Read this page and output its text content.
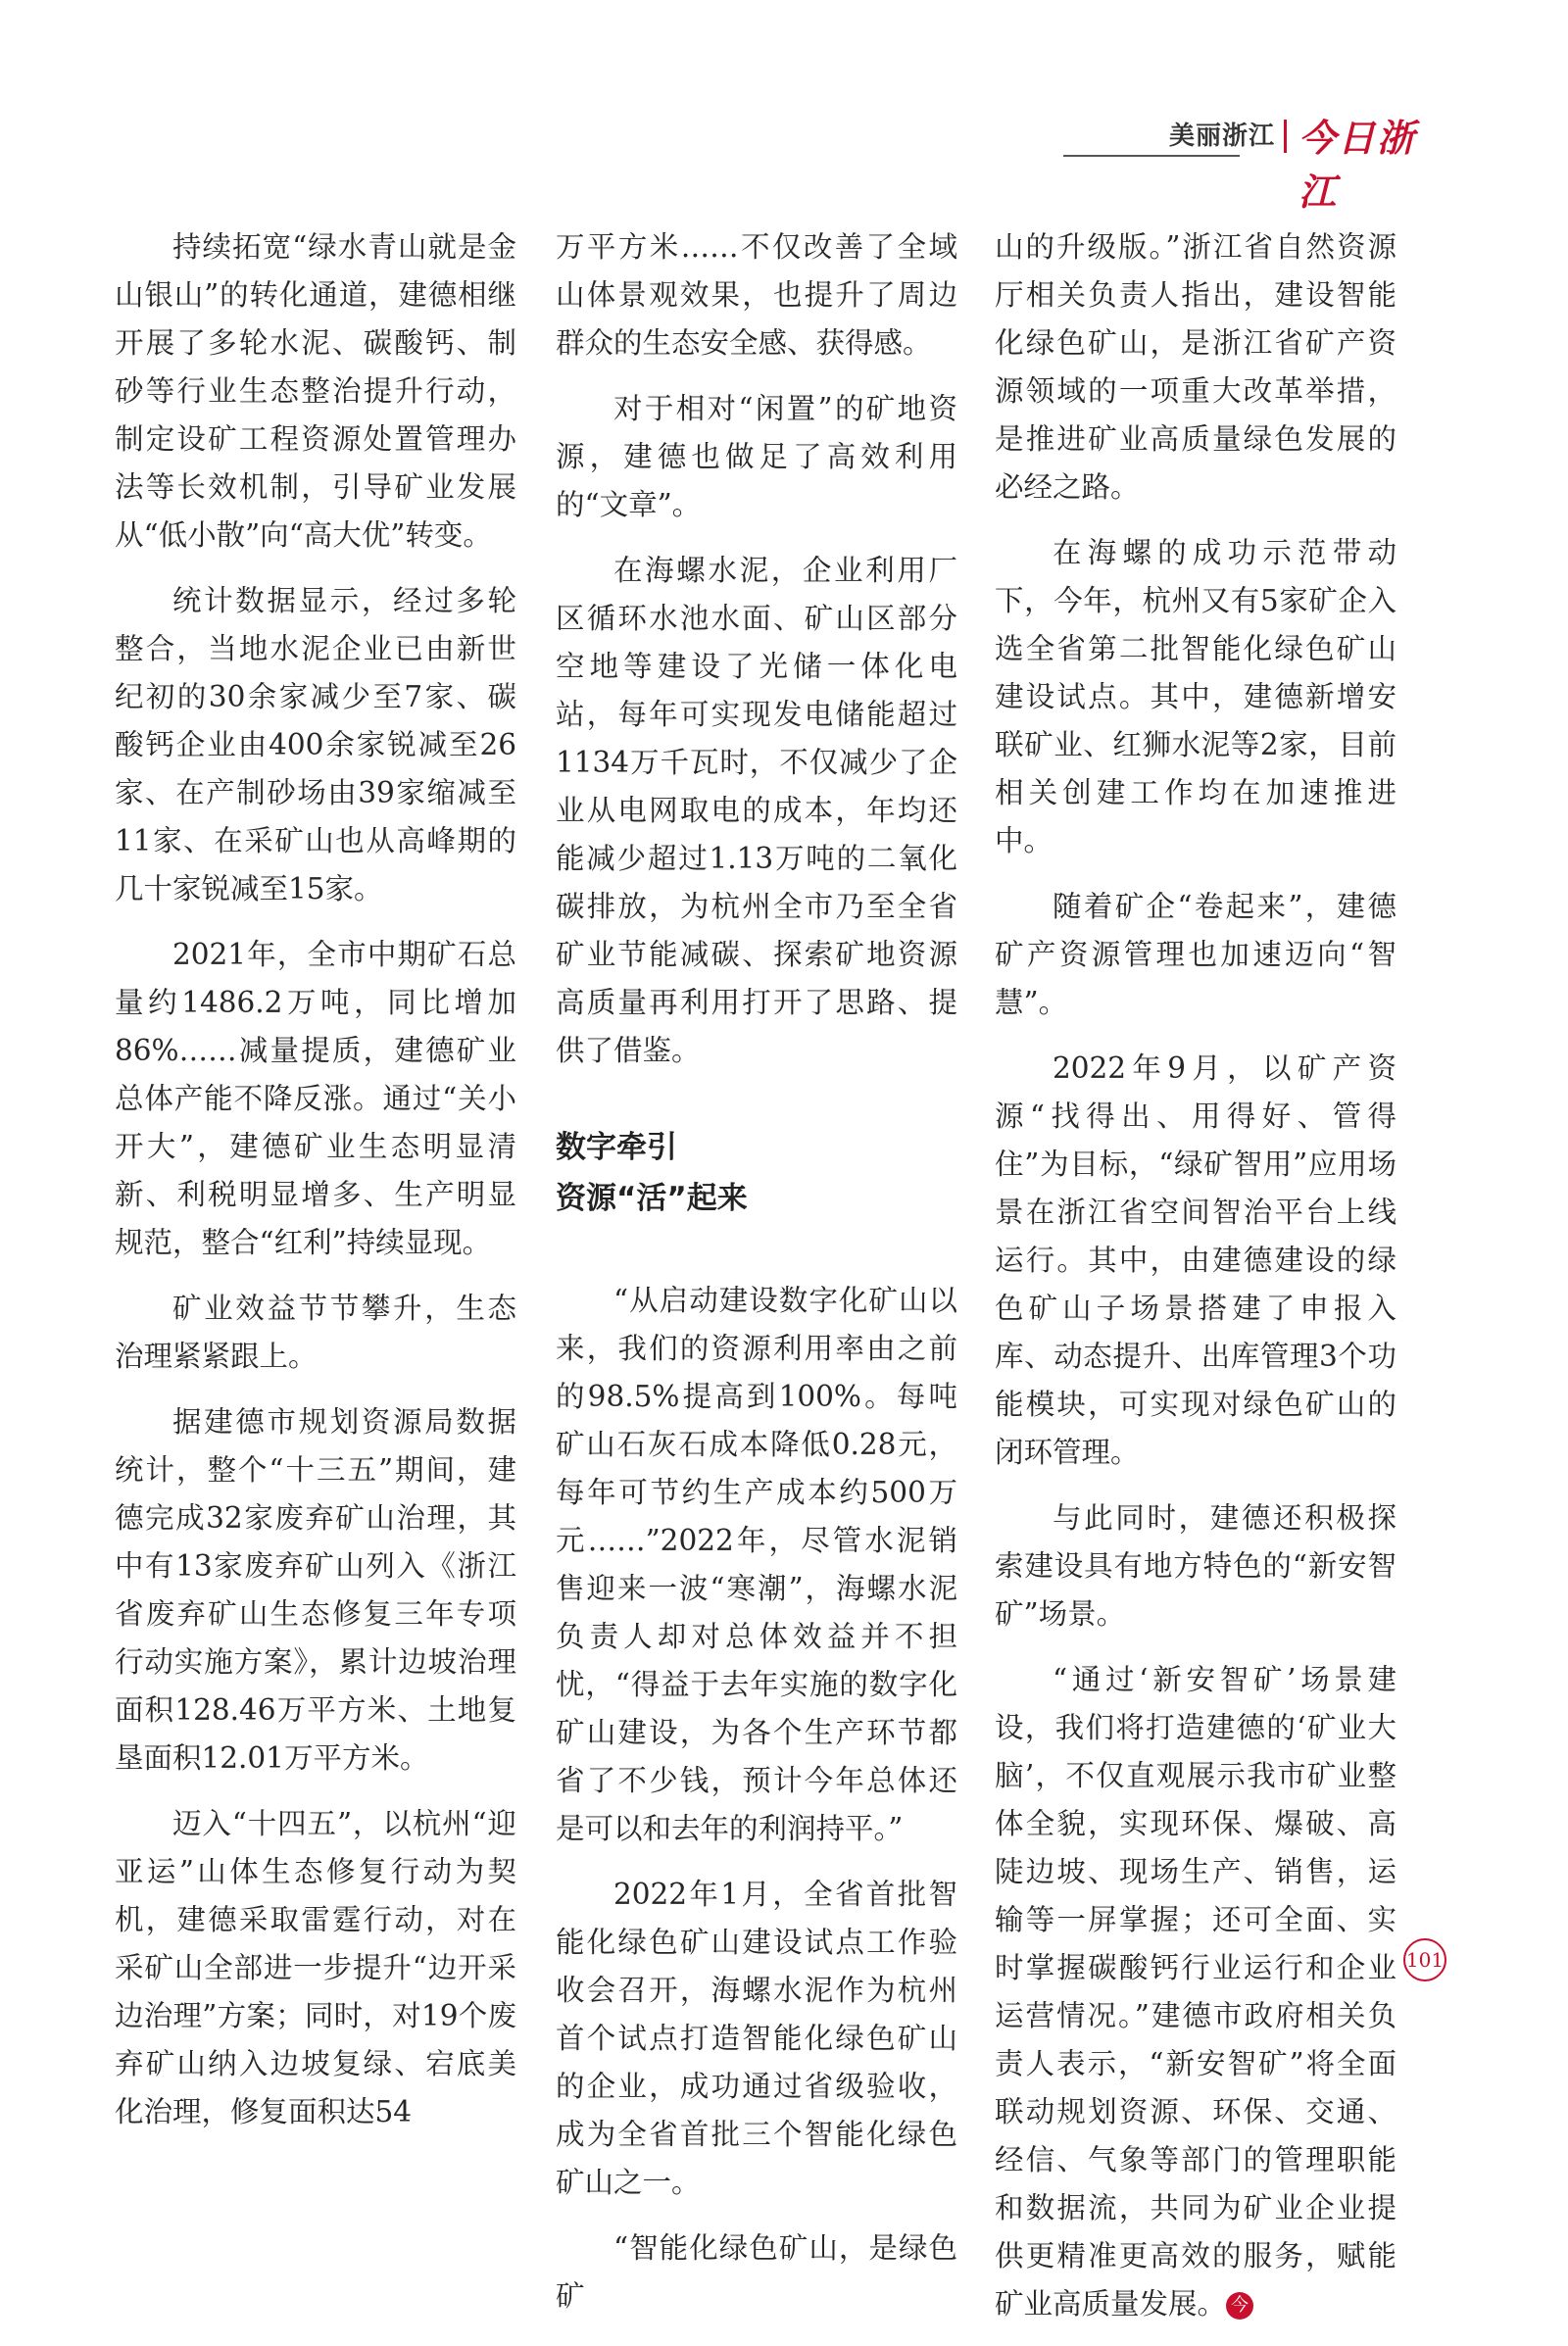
美丽浙江 今日浙江

持续拓宽“绿水青山就是金山银山”的转化通道，建德相继开展了多轮水泥、碳酸钙、制砂等行业生态整治提升行动，制定设矿工程资源处置管理办法等长效机制，引导矿业发展从“低小散”向“高大优”转变。

统计数据显示，经过多轮整合，当地水泥企业已由新世纪初的30余家减少至7家、碳酸钙企业由400余家锐减至26家、在产制砂场由39家缩减至11家、在采矿山也从高峰期的几十家锐减至15家。

2021年，全市中期矿石总量约1486.2万吨，同比增加86%……减量提质，建德矿业总体产能不降反涨。通过“关小开大”，建德矿业生态明显清新、利税明显增多、生产明显规范，整合“红利”持续显现。

矿业效益节节攀升，生态治理紧紧跟上。

据建德市规划资源局数据统计，整个“十三五”期间，建德完成32家废弃矿山治理，其中有13家废弃矿山列入《浙江省废弃矿山生态修复三年专项行动实施方案》，累计边坡治理面积128.46万平方米、土地复垦面积12.01万平方米。

迈入“十四五”，以杭州“迎亚运”山体生态修复行动为契机，建德采取雷霆行动，对在采矿山全部进一步提升“边开采边治理”方案；同时，对19个废弃矿山纳入边坡复绿、宕底美化治理，修复面积达54

万平方米……不仅改善了全域山体景观效果，也提升了周边群众的生态安全感、获得感。

对于相对“闲置”的矿地资源，建德也做足了高效利用的“文章”。

在海螺水泥，企业利用厂区循环水池水面、矿山区部分空地等建设了光储一体化电站，每年可实现发电储能超过1134万千瓦时，不仅减少了企业从电网取电的成本，年均还能减少超过1.13万吨的二氧化碳排放，为杭州全市乃至全省矿业节能减碳、探索矿地资源高质量再利用打开了思路、提供了借鉴。

数字牵引
资源“活”起来

“从启动建设数字化矿山以来，我们的资源利用率由之前的98.5%提高到100%。每吨矿山石灰石成本降低0.28元，每年可节约生产成本约500万元……”2022年，尽管水泥销售迎来一波“寒潮”，海螺水泥负责人却对总体效益并不担忧，“得益于去年实施的数字化矿山建设，为各个生产环节都省了不少钱，预计今年总体还是可以和去年的利润持平。”

2022年1月，全省首批智能化绿色矿山建设试点工作验收会召开，海螺水泥作为杭州首个试点打造智能化绿色矿山的企业，成功通过省级验收，成为全省首批三个智能化绿色矿山之一。

“智能化绿色矿山，是绿色矿

山的升级版。”浙江省自然资源厅相关负责人指出，建设智能化绿色矿山，是浙江省矿产资源领域的一项重大改革举措，是推进矿业高质量绿色发展的必经之路。

在海螺的成功示范带动下，今年，杭州又有5家矿企入选全省第二批智能化绿色矿山建设试点。其中，建德新增安联矿业、红狮水泥等2家，目前相关创建工作均在加速推进中。

随着矿企“卷起来”，建德矿产资源管理也加速迈向“智慧”。

2022年9月，以矿产资源“找得出、用得好、管得住”为目标，“绿矿智用”应用场景在浙江省空间智治平台上线运行。其中，由建德建设的绿色矿山子场景搭建了申报入库、动态提升、出库管理3个功能模块，可实现对绿色矿山的闭环管理。

与此同时，建德还积极探索建设具有地方特色的“新安智矿”场景。

“通过‘新安智矿’场景建设，我们将打造建德的‘矿业大脑’，不仅直观展示我市矿业整体全貌，实现环保、爆破、高陡边坡、现场生产、销售，运输等一屏掌握；还可全面、实时掌握碳酸钙行业运行和企业运营情况。”建德市政府相关负责人表示，“新安智矿”将全面联动规划资源、环保、交通、经信、气象等部门的管理职能和数据流，共同为矿业企业提供更精准更高效的服务，赋能矿业高质量发展。 今

101
